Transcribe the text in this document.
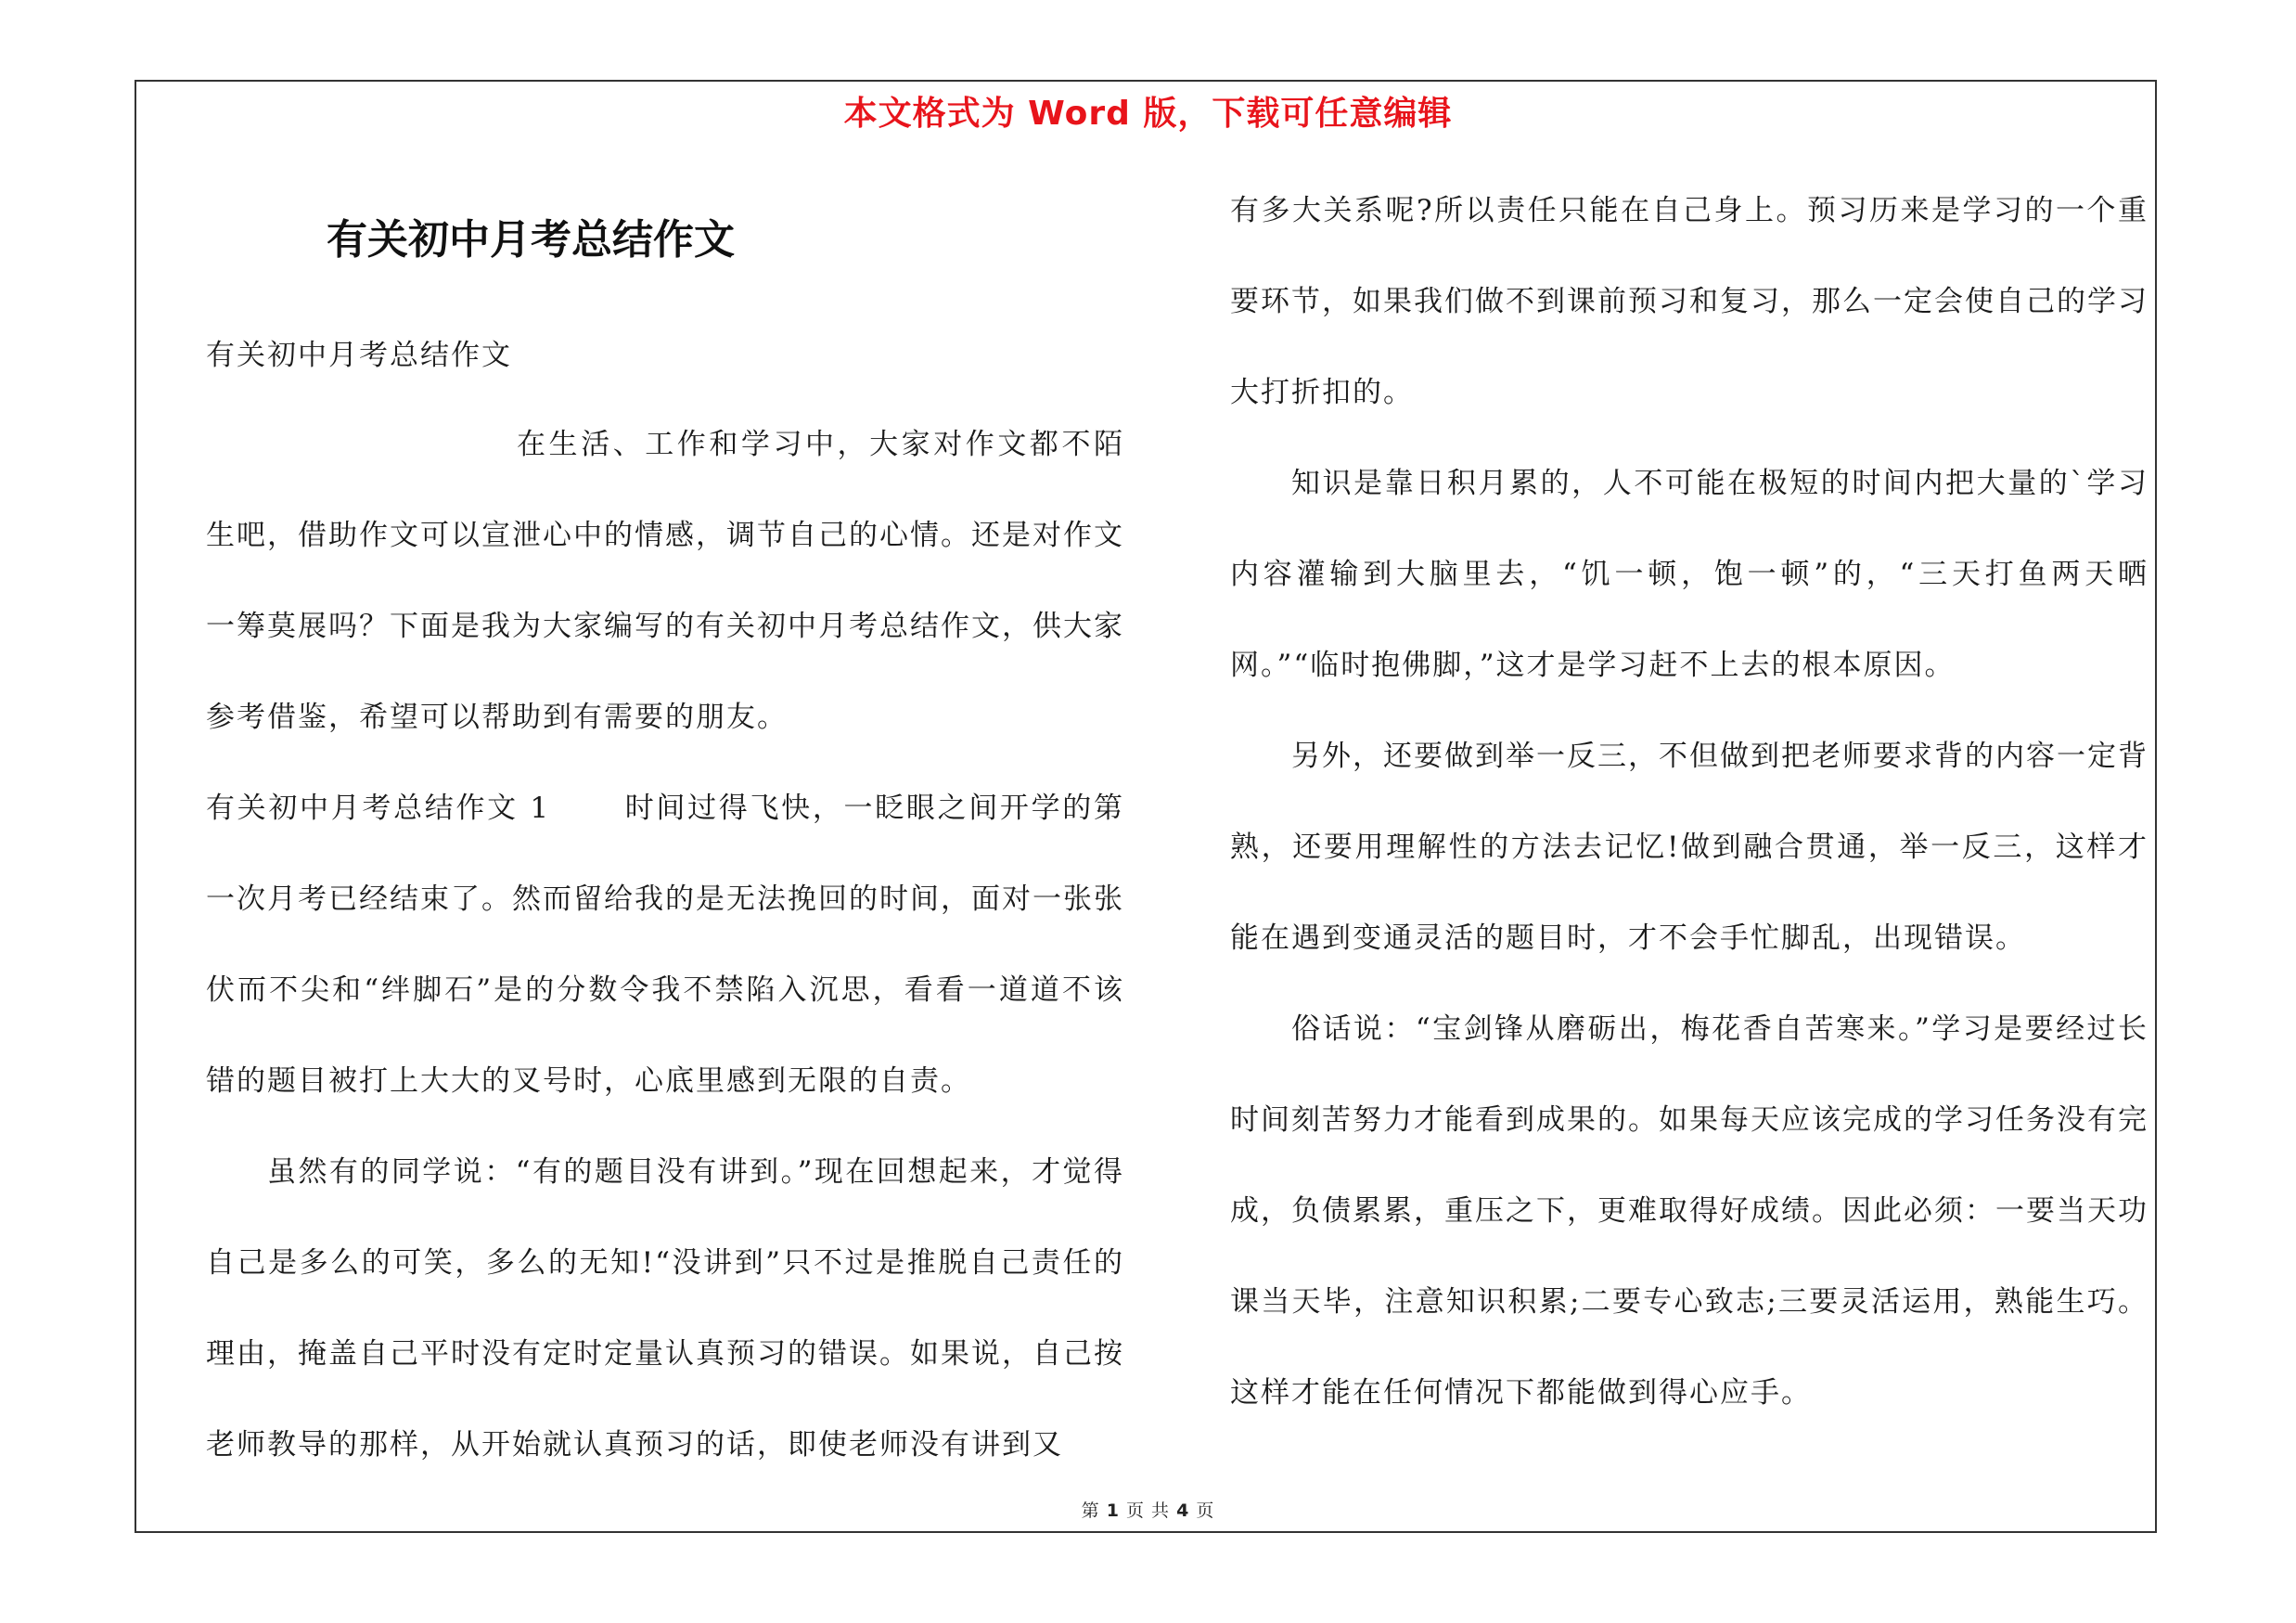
本文格式为 Word 版，下载可任意编辑
有关初中月考总结作文
有关初中月考总结作文

在生活、工作和学习中，大家对作文都不陌生吧，借助作文可以宣泄心中的情感，调节自己的心情。还是对作文一筹莫展吗？下面是我为大家编写的有关初中月考总结作文，供大家参考借鉴，希望可以帮助到有需要的朋友。

有关初中月考总结作文 1　　 时间过得飞快，一眨眼之间开学的第一次月考已经结束了。然而留给我的是无法挽回的时间，面对一张张伏而不尖和“绊脚石”是的分数令我不禁陷入沉思，看看一道道不该错的题目被打上大大的叉号时，心底里感到无限的自责。

虽然有的同学说：“有的题目没有讲到。”现在回想起来，才觉得自己是多么的可笑，多么的无知!“没讲到”只不过是推脱自己责任的理由，掩盖自己平时没有定时定量认真预习的错误。如果说，自己按老师教导的那样，从开始就认真预习的话，即使老师没有讲到又

有多大关系呢?所以责任只能在自己身上。预习历来是学习的一个重要环节，如果我们做不到课前预习和复习，那么一定会使自己的学习大打折扣的。

知识是靠日积月累的，人不可能在极短的时间内把大量的`学习内容灌输到大脑里去，“饥一顿，饱一顿”的，“三天打鱼两天晒网。”“临时抱佛脚，”这才是学习赶不上去的根本原因。

另外，还要做到举一反三，不但做到把老师要求背的内容一定背熟，还要用理解性的方法去记忆!做到融合贯通，举一反三，这样才能在遇到变通灵活的题目时，才不会手忙脚乱，出现错误。

俗话说：“宝剑锋从磨砺出，梅花香自苦寒来。”学习是要经过长时间刻苦努力才能看到成果的。如果每天应该完成的学习任务没有完成，负债累累，重压之下，更难取得好成绩。因此必须：一要当天功课当天毕，注意知识积累;二要专心致志;三要灵活运用，熟能生巧。这样才能在任何情况下都能做到得心应手。

第 1 页 共 4 页
